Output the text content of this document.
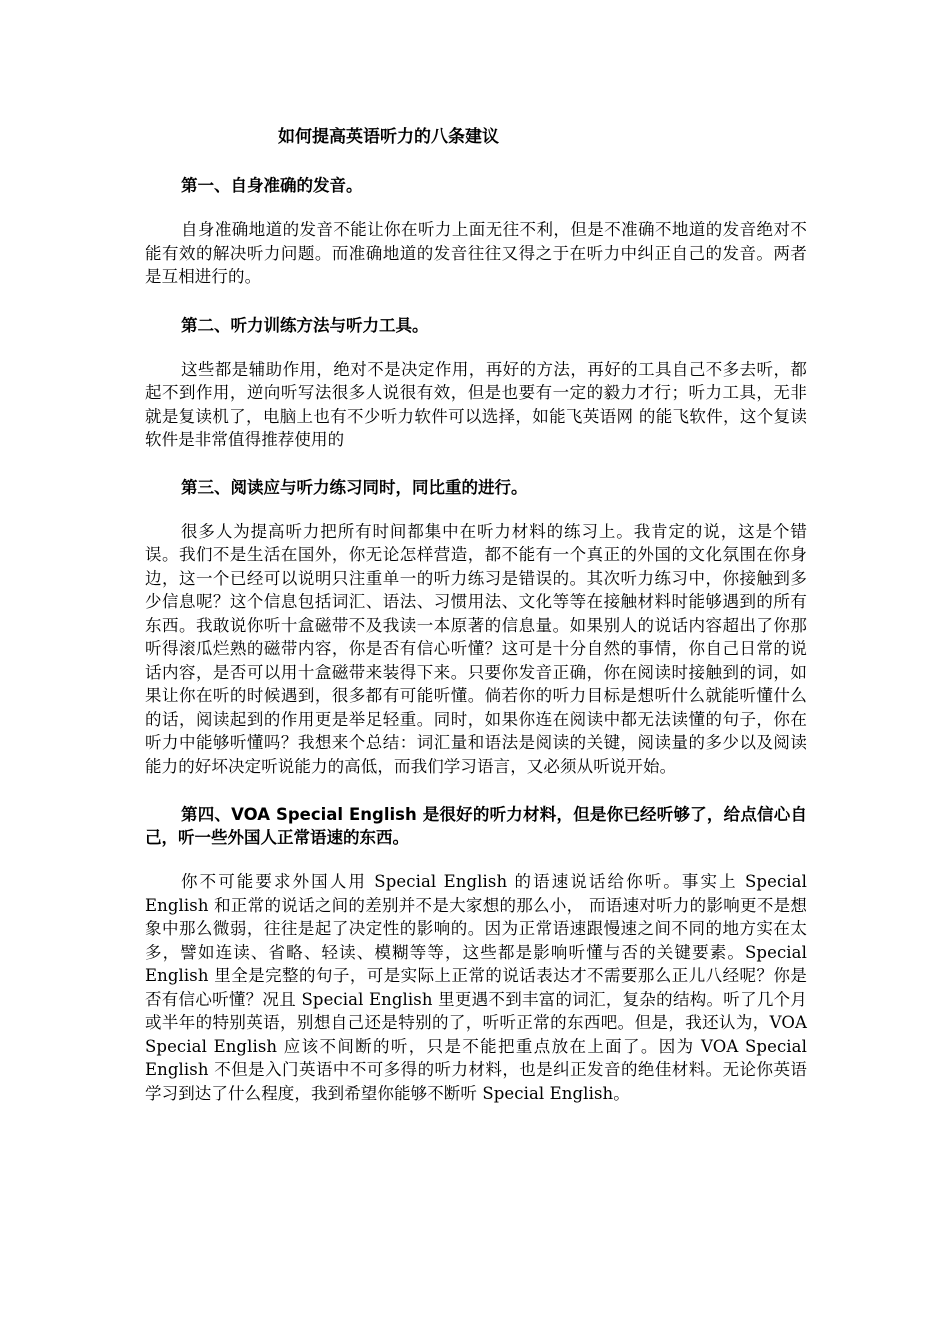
如何提高英语听力的八条建议

第一、自身准确的发音。

自身准确地道的发音不能让你在听力上面无往不利，但是不准确不地道的发音绝对不能有效的解决听力问题。而准确地道的发音往往又得之于在听力中纠正自己的发音。两者是互相进行的。

第二、听力训练方法与听力工具。

这些都是辅助作用，绝对不是决定作用，再好的方法，再好的工具自己不多去听，都起不到作用，逆向听写法很多人说很有效，但是也要有一定的毅力才行；听力工具，无非就是复读机了，电脑上也有不少听力软件可以选择，如能飞英语网 的能飞软件，这个复读软件是非常值得推荐使用的

第三、阅读应与听力练习同时，同比重的进行。

很多人为提高听力把所有时间都集中在听力材料的练习上。我肯定的说，这是个错误。我们不是生活在国外，你无论怎样营造，都不能有一个真正的外国的文化氛围在你身边，这一个已经可以说明只注重单一的听力练习是错误的。其次听力练习中，你接触到多少信息呢？这个信息包括词汇、语法、习惯用法、文化等等在接触材料时能够遇到的所有东西。我敢说你听十盒磁带不及我读一本原著的信息量。如果别人的说话内容超出了你那听得滚瓜烂熟的磁带内容，你是否有信心听懂？这可是十分自然的事情，你自己日常的说话内容，是否可以用十盒磁带来装得下来。只要你发音正确，你在阅读时接触到的词，如果让你在听的时候遇到，很多都有可能听懂。倘若你的听力目标是想听什么就能听懂什么的话，阅读起到的作用更是举足轻重。同时，如果你连在阅读中都无法读懂的句子，你在听力中能够听懂吗？我想来个总结：词汇量和语法是阅读的关键，阅读量的多少以及阅读能力的好坏决定听说能力的高低，而我们学习语言，又必须从听说开始。

第四、VOA Special English 是很好的听力材料，但是你已经听够了，给点信心自己，听一些外国人正常语速的东西。

你不可能要求外国人用 Special English 的语速说话给你听。事实上 Special English 和正常的说话之间的差别并不是大家想的那么小， 而语速对听力的影响更不是想象中那么微弱，往往是起了决定性的影响的。因为正常语速跟慢速之间不同的地方实在太多，譬如连读、省略、轻读、模糊等等，这些都是影响听懂与否的关键要素。Special English 里全是完整的句子，可是实际上正常的说话表达才不需要那么正儿八经呢？你是否有信心听懂？况且 Special English 里更遇不到丰富的词汇，复杂的结构。听了几个月或半年的特别英语，别想自己还是特别的了，听听正常的东西吧。但是，我还认为，VOA Special English 应该不间断的听，只是不能把重点放在上面了。因为 VOA Special English 不但是入门英语中不可多得的听力材料，也是纠正发音的绝佳材料。无论你英语学习到达了什么程度，我到希望你能够不断听 Special English。
